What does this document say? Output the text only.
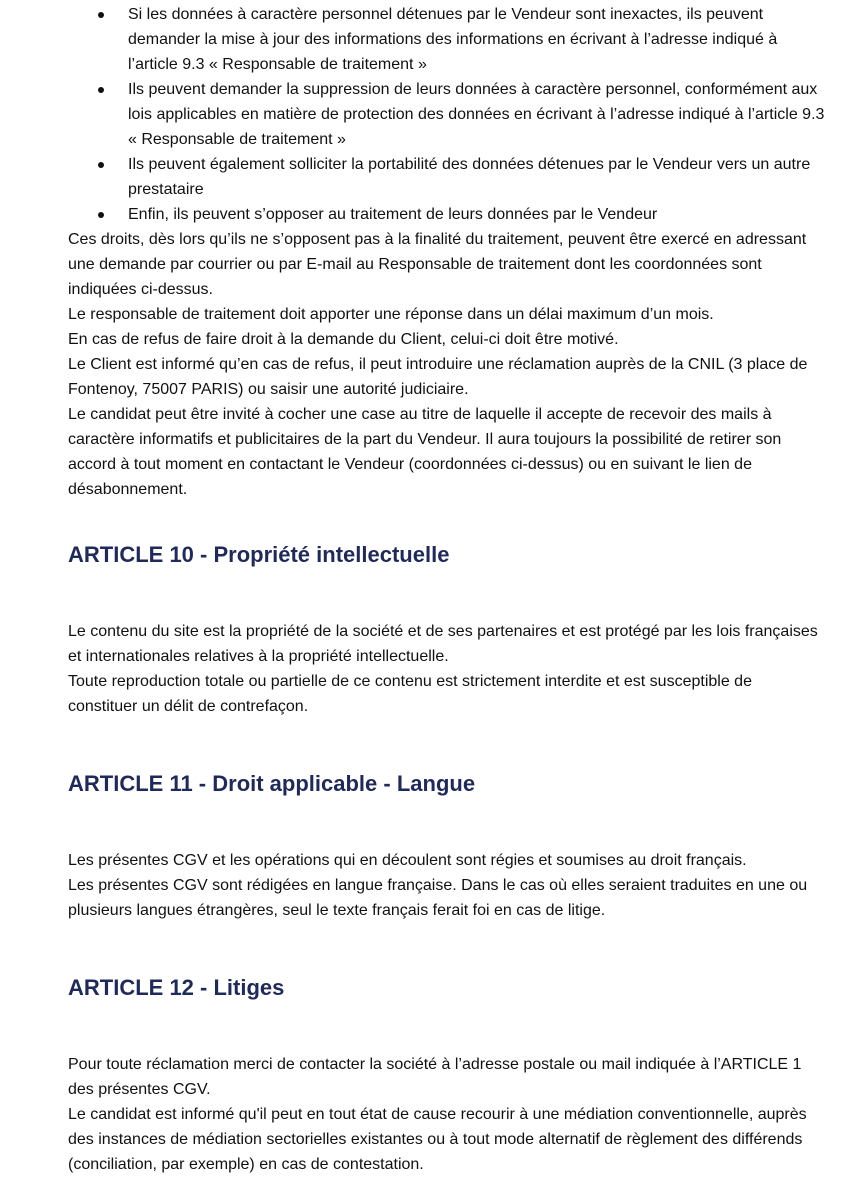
Si les données à caractère personnel détenues par le Vendeur sont inexactes, ils peuvent demander la mise à jour des informations des informations en écrivant à l’adresse indiqué à l’article 9.3 « Responsable de traitement »
Ils peuvent demander la suppression de leurs données à caractère personnel, conformément aux lois applicables en matière de protection des données en écrivant à l’adresse indiqué à l’article 9.3 « Responsable de traitement »
Ils peuvent également solliciter la portabilité des données détenues par le Vendeur vers un autre prestataire
Enfin, ils peuvent s’opposer au traitement de leurs données par le Vendeur

Ces droits, dès lors qu’ils ne s’opposent pas à la finalité du traitement, peuvent être exercé en adressant une demande par courrier ou par E-mail au Responsable de traitement dont les coordonnées sont indiquées ci-dessus.

Le responsable de traitement doit apporter une réponse dans un délai maximum d’un mois.

En cas de refus de faire droit à la demande du Client, celui-ci doit être motivé.

Le Client est informé qu’en cas de refus, il peut introduire une réclamation auprès de la CNIL (3 place de Fontenoy, 75007 PARIS) ou saisir une autorité judiciaire.

Le candidat peut être invité à cocher une case au titre de laquelle il accepte de recevoir des mails à caractère informatifs et publicitaires de la part du Vendeur. Il aura toujours la possibilité de retirer son accord à tout moment en contactant le Vendeur (coordonnées ci-dessus) ou en suivant le lien de désabonnement.

ARTICLE 10 - Propriété intellectuelle

Le contenu du site est la propriété de la société et de ses partenaires et est protégé par les lois françaises et internationales relatives à la propriété intellectuelle.

Toute reproduction totale ou partielle de ce contenu est strictement interdite et est susceptible de constituer un délit de contrefaçon.

ARTICLE 11 - Droit applicable - Langue

Les présentes CGV et les opérations qui en découlent sont régies et soumises au droit français.

Les présentes CGV sont rédigées en langue française. Dans le cas où elles seraient traduites en une ou plusieurs langues étrangères, seul le texte français ferait foi en cas de litige.

ARTICLE 12 - Litiges

Pour toute réclamation merci de contacter la société à l’adresse postale ou mail indiquée à l’ARTICLE 1 des présentes CGV.

Le candidat est informé qu'il peut en tout état de cause recourir à une médiation conventionnelle, auprès des instances de médiation sectorielles existantes ou à tout mode alternatif de règlement des différends (conciliation, par exemple) en cas de contestation.
